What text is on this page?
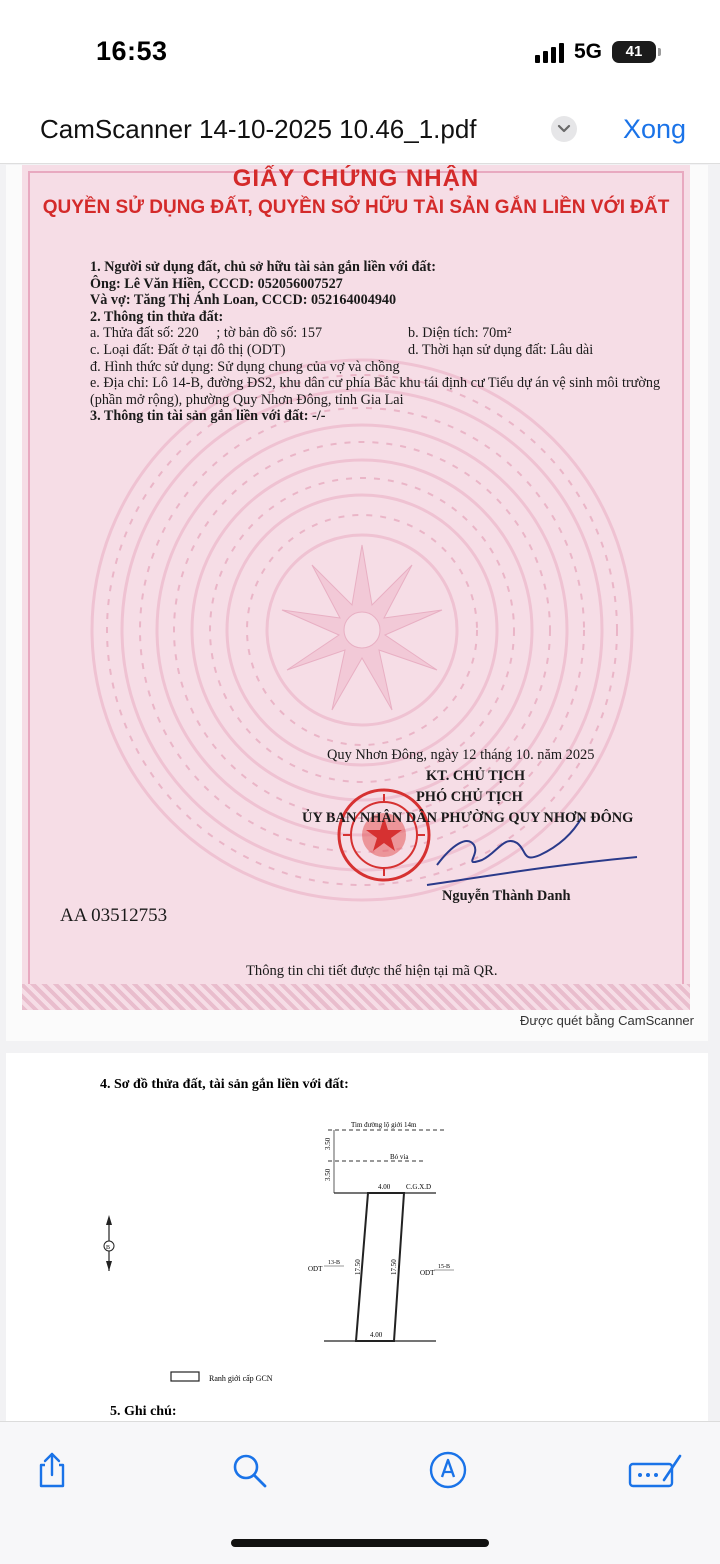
16:53	5G	41
CamScanner 14-10-2025 10.46_1.pdf	Xong
GIẤY CHỨNG NHẬN
QUYỀN SỬ DỤNG ĐẤT, QUYỀN SỞ HỮU TÀI SẢN GẮN LIỀN VỚI ĐẤT
1. Người sử dụng đất, chủ sở hữu tài sản gắn liền với đất:
Ông: Lê Văn Hiền, CCCD: 052056007527
Và vợ: Tăng Thị Ánh Loan, CCCD: 052164004940
2. Thông tin thửa đất:
a. Thửa đất số: 220     ; tờ bản đồ số: 157	b. Diện tích: 70m²
c. Loại đất: Đất ở tại đô thị (ODT)	d. Thời hạn sử dụng đất: Lâu dài
đ. Hình thức sử dụng: Sử dụng chung của vợ và chồng
e. Địa chỉ: Lô 14-B, đường ĐS2, khu dân cư phía Bắc khu tái định cư Tiểu dự án vệ sinh môi trường (phần mở rộng), phường Quy Nhơn Đông, tỉnh Gia Lai
3. Thông tin tài sản gắn liền với đất: -/-
Quy Nhơn Đông, ngày 12 tháng 10. năm 2025
KT. CHỦ TỊCH
PHÓ CHỦ TỊCH
ỦY BAN NHÂN DÂN PHƯỜNG QUY NHƠN ĐÔNG
Nguyễn Thành Danh
AA 03512753
Thông tin chi tiết được thể hiện tại mã QR.
Được quét bằng CamScanner
4. Sơ đồ thửa đất, tài sản gắn liền với đất:
Tim đường lộ giới 14m
Bó vỉa
3.50
3.50
4.00 C.G.X.D
4.00
17.50	17.50
ODT
13-B
ODT
15-B
B
Ranh giới cấp GCN
5. Ghi chú:
